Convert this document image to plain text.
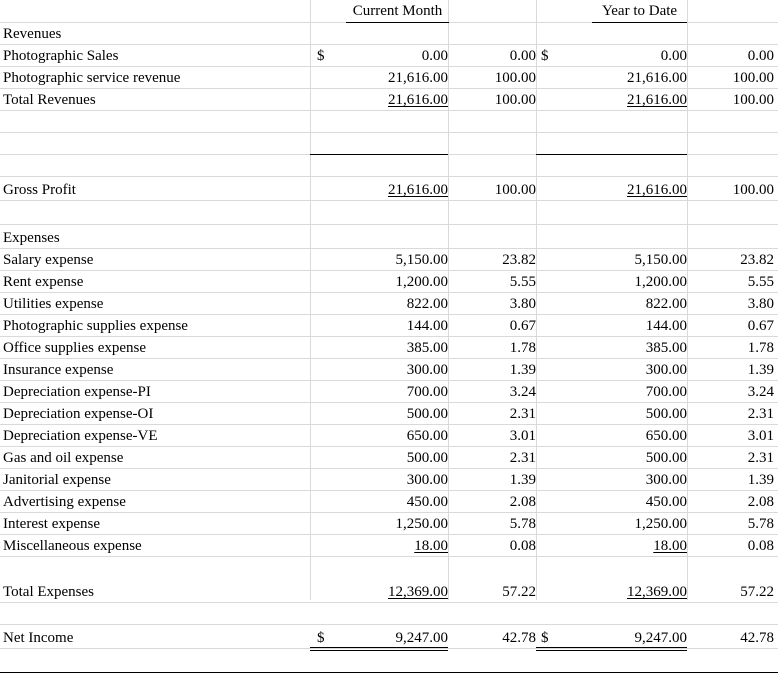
Current Month	Year to Date
Revenues
Photographic Sales	$	0.00	0.00 $	0.00	0.00
Photographic service revenue	21,616.00	100.00	21,616.00	100.00
Total Revenues	21,616.00	100.00	21,616.00	100.00
Gross Profit	21,616.00	100.00	21,616.00	100.00
Expenses
Salary expense	5,150.00	23.82	5,150.00	23.82
Rent expense	1,200.00	5.55	1,200.00	5.55
Utilities expense	822.00	3.80	822.00	3.80
Photographic supplies expense	144.00	0.67	144.00	0.67
Office supplies expense	385.00	1.78	385.00	1.78
Insurance expense	300.00	1.39	300.00	1.39
Depreciation expense-PI	700.00	3.24	700.00	3.24
Depreciation expense-OI	500.00	2.31	500.00	2.31
Depreciation expense-VE	650.00	3.01	650.00	3.01
Gas and oil expense	500.00	2.31	500.00	2.31
Janitorial expense	300.00	1.39	300.00	1.39
Advertising expense	450.00	2.08	450.00	2.08
Interest expense	1,250.00	5.78	1,250.00	5.78
Miscellaneous expense	18.00	0.08	18.00	0.08
Total Expenses	12,369.00	57.22	12,369.00	57.22
Net Income	$	9,247.00	42.78 $	9,247.00	42.78
